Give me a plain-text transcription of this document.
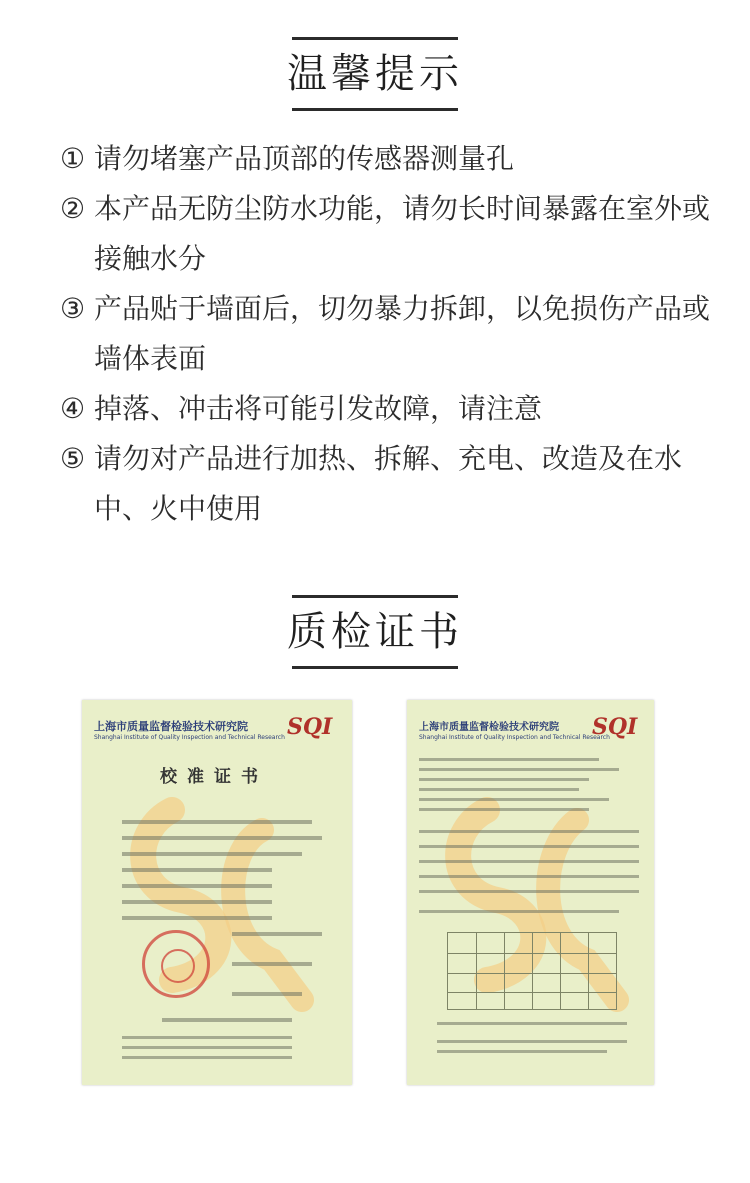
温馨提示
① 请勿堵塞产品顶部的传感器测量孔
② 本产品无防尘防水功能，请勿长时间暴露在室外或接触水分
③ 产品贴于墙面后，切勿暴力拆卸，以免损伤产品或墙体表面
④ 掉落、冲击将可能引发故障，请注意
⑤ 请勿对产品进行加热、拆解、充电、改造及在水中、火中使用
质检证书
上海市质量监督检验技术研究院
Shanghai Institute of Quality Inspection and Technical Research SQI
校准证书
上海市质量监督检验技术研究院
Shanghai Institute of Quality Inspection and Technical Research
SQI
